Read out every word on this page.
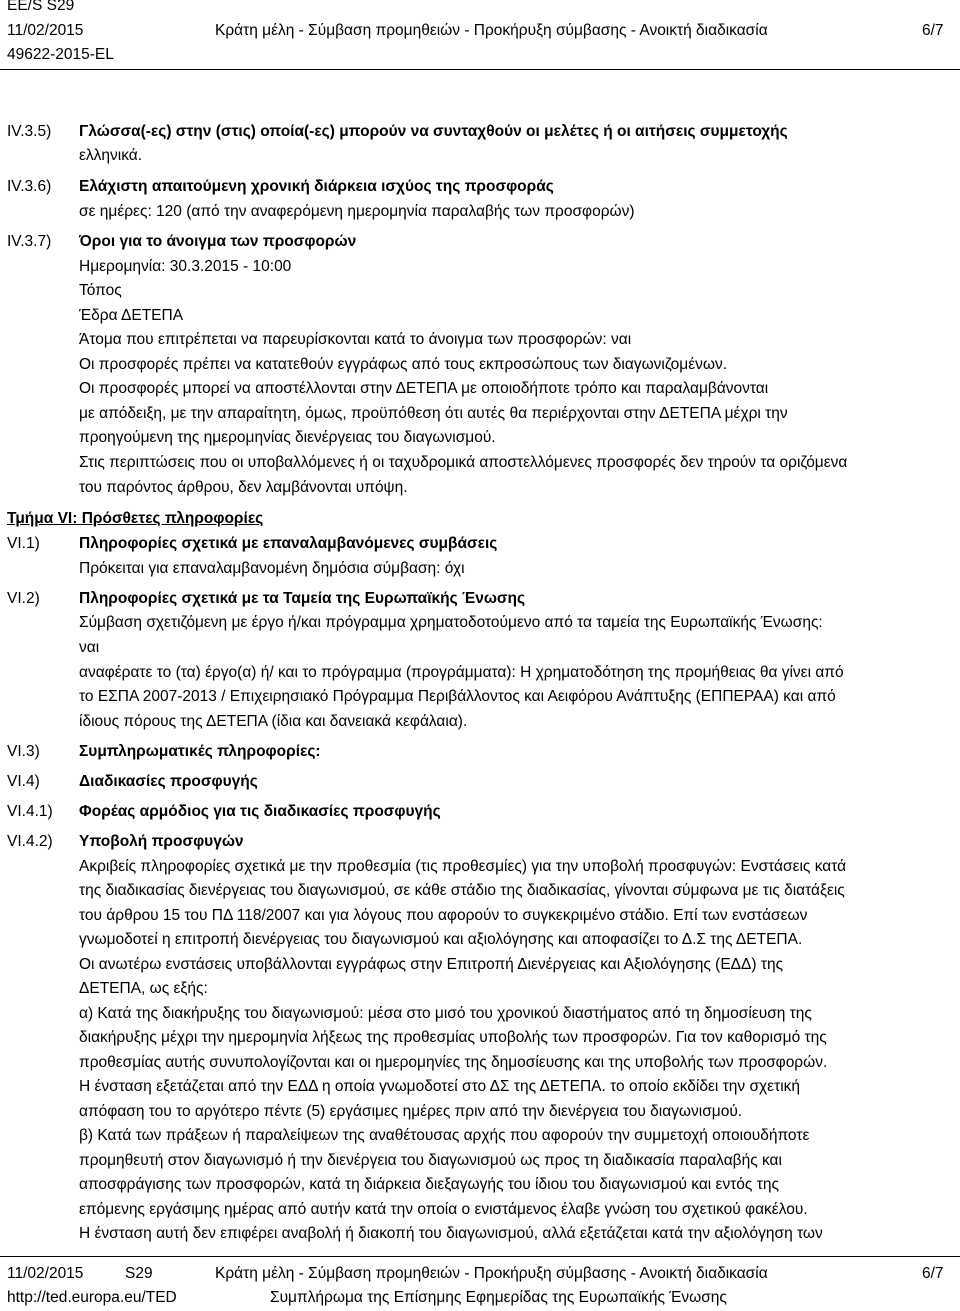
EE/S S29
11/02/2015	Κράτη μέλη - Σύμβαση προμηθειών - Προκήρυξη σύμβασης - Ανοικτή διαδικασία	6/7
49622-2015-EL
IV.3.5) Γλώσσα(-ες) στην (στις) οποία(-ες) μπορούν να συνταχθούν οι μελέτες ή οι αιτήσεις συμμετοχής
ελληνικά.
IV.3.6) Ελάχιστη απαιτούμενη χρονική διάρκεια ισχύος της προσφοράς
σε ημέρες: 120 (από την αναφερόμενη ημερομηνία παραλαβής των προσφορών)
IV.3.7) Όροι για το άνοιγμα των προσφορών
Ημερομηνία: 30.3.2015 - 10:00
Τόπος
Έδρα ΔΕΤΕΠΑ
Άτομα που επιτρέπεται να παρευρίσκονται κατά το άνοιγμα των προσφορών: ναι
Οι προσφορές πρέπει να κατατεθούν εγγράφως από τους εκπροσώπους των διαγωνιζομένων.
Οι προσφορές μπορεί να αποστέλλονται στην ΔΕΤΕΠΑ με οποιοδήποτε τρόπο και παραλαμβάνονται
με απόδειξη, με την απαραίτητη, όμως, προϋπόθεση ότι αυτές θα περιέρχονται στην ΔΕΤΕΠΑ μέχρι την
προηγούμενη της ημερομηνίας διενέργειας του διαγωνισμού.
Στις περιπτώσεις που οι υποβαλλόμενες ή οι ταχυδρομικά αποστελλόμενες προσφορές δεν τηρούν τα οριζόμενα
του παρόντος άρθρου, δεν λαμβάνονται υπόψη.
Τμήμα VI: Πρόσθετες πληροφορίες
VI.1)	Πληροφορίες σχετικά με επαναλαμβανόμενες συμβάσεις
Πρόκειται για επαναλαμβανομένη δημόσια σύμβαση: όχι
VI.2)	Πληροφορίες σχετικά με τα Ταμεία της Ευρωπαϊκής Ένωσης
Σύμβαση σχετιζόμενη με έργο ή/και πρόγραμμα χρηματοδοτούμενο από τα ταμεία της Ευρωπαϊκής Ένωσης:
ναι
αναφέρατε το (τα) έργο(α) ή/ και το πρόγραμμα (προγράμματα): Η χρηματοδότηση της προμήθειας θα γίνει από
το ΕΣΠΑ 2007-2013 / Επιχειρησιακό Πρόγραμμα Περιβάλλοντος και Αειφόρου Ανάπτυξης (ΕΠΠΕΡΑΑ) και από
ίδιους πόρους της ΔΕΤΕΠΑ (ίδια και δανειακά κεφάλαια).
VI.3)	Συμπληρωματικές πληροφορίες:
VI.4)	Διαδικασίες προσφυγής
VI.4.1) Φορέας αρμόδιος για τις διαδικασίες προσφυγής
VI.4.2) Υποβολή προσφυγών
Ακριβείς πληροφορίες σχετικά με την προθεσμία (τις προθεσμίες) για την υποβολή προσφυγών: Ενστάσεις κατά
της διαδικασίας διενέργειας του διαγωνισμού, σε κάθε στάδιο της διαδικασίας, γίνονται σύμφωνα με τις διατάξεις
του άρθρου 15 του ΠΔ 118/2007 και για λόγους που αφορούν το συγκεκριμένο στάδιο. Επί των ενστάσεων
γνωμοδοτεί η επιτροπή διενέργειας του διαγωνισμού και αξιολόγησης και αποφασίζει το Δ.Σ της ΔΕΤΕΠΑ.
Οι ανωτέρω ενστάσεις υποβάλλονται εγγράφως στην Επιτροπή Διενέργειας και Αξιολόγησης (ΕΔΔ) της
ΔΕΤΕΠΑ, ως εξής:
α) Κατά της διακήρυξης του διαγωνισμού: μέσα στο μισό του χρονικού διαστήματος από τη δημοσίευση της
διακήρυξης μέχρι την ημερομηνία λήξεως της προθεσμίας υποβολής των προσφορών. Για τον καθορισμό της
προθεσμίας αυτής συνυπολογίζονται και οι ημερομηνίες της δημοσίευσης και της υποβολής των προσφορών.
Η ένσταση εξετάζεται από την ΕΔΔ η οποία γνωμοδοτεί στο ΔΣ της ΔΕΤΕΠΑ. το οποίο εκδίδει την σχετική
απόφαση του το αργότερο πέντε (5) εργάσιμες ημέρες πριν από την διενέργεια του διαγωνισμού.
β) Κατά των πράξεων ή παραλείψεων της αναθέτουσας αρχής που αφορούν την συμμετοχή οποιουδήποτε
προμηθευτή στον διαγωνισμό ή την διενέργεια του διαγωνισμού ως προς τη διαδικασία παραλαβής και
αποσφράγισης των προσφορών, κατά τη διάρκεια διεξαγωγής του ίδιου του διαγωνισμού και εντός της
επόμενης εργάσιμης ημέρας από αυτήν κατά την οποία ο ενιστάμενος έλαβε γνώση του σχετικού φακέλου.
Η ένσταση αυτή δεν επιφέρει αναβολή ή διακοπή του διαγωνισμού, αλλά εξετάζεται κατά την αξιολόγηση των
11/02/2015	S29	Κράτη μέλη - Σύμβαση προμηθειών - Προκήρυξη σύμβασης - Ανοικτή διαδικασία	6/7
http://ted.europa.eu/TED	Συμπλήρωμα της Επίσημης Εφημερίδας της Ευρωπαϊκής Ένωσης
